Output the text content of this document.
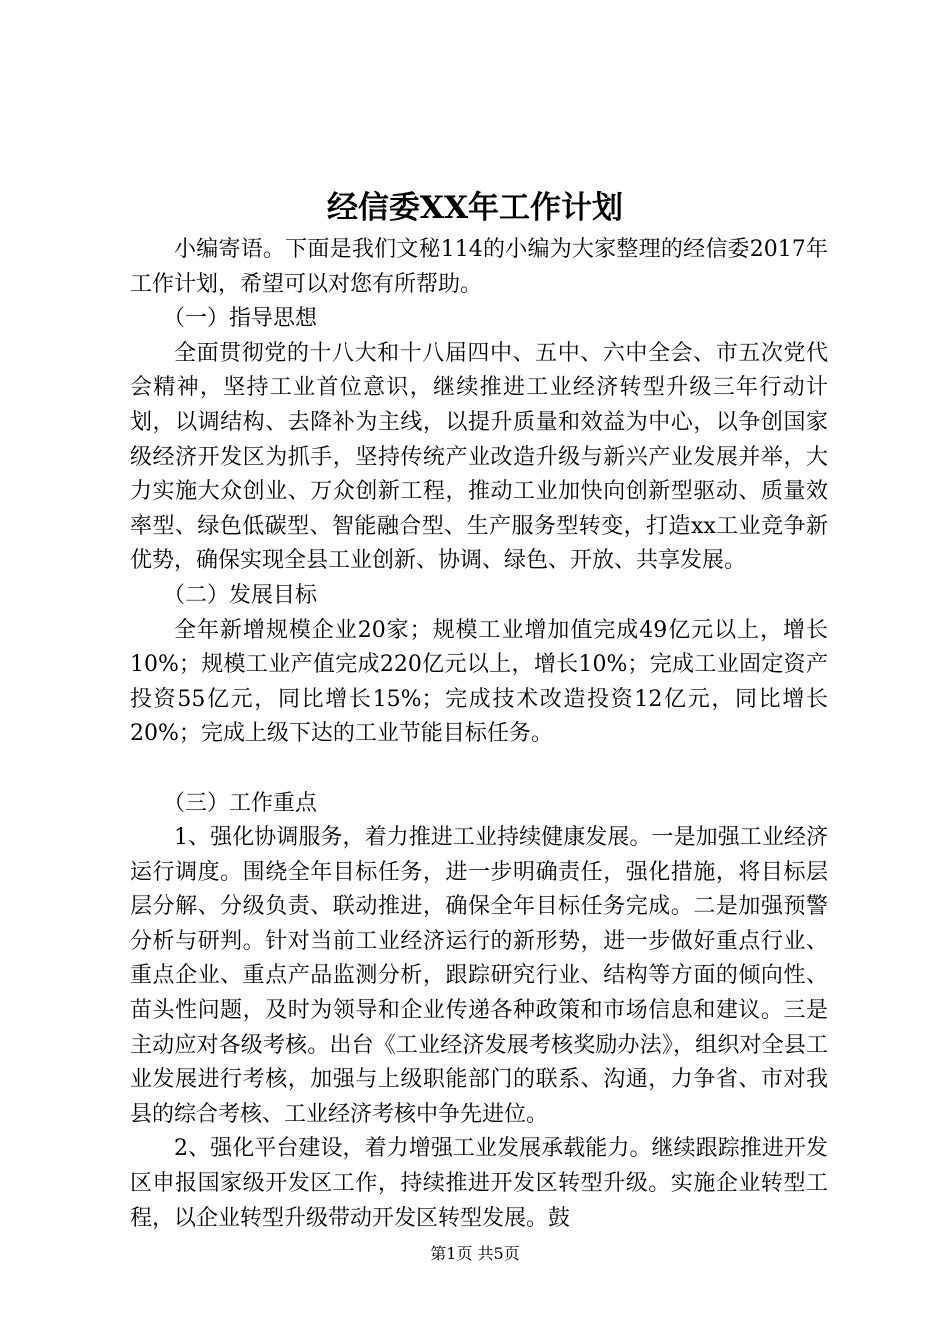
经信委XX年工作计划

小编寄语。下面是我们文秘114的小编为大家整理的经信委2017年工作计划，希望可以对您有所帮助。

（一）指导思想

全面贯彻党的十八大和十八届四中、五中、六中全会、市五次党代会精神，坚持工业首位意识，继续推进工业经济转型升级三年行动计划，以调结构、去降补为主线，以提升质量和效益为中心，以争创国家级经济开发区为抓手，坚持传统产业改造升级与新兴产业发展并举，大力实施大众创业、万众创新工程，推动工业加快向创新型驱动、质量效率型、绿色低碳型、智能融合型、生产服务型转变，打造xx工业竞争新优势，确保实现全县工业创新、协调、绿色、开放、共享发展。

（二）发展目标

全年新增规模企业20家；规模工业增加值完成49亿元以上，增长10%；规模工业产值完成220亿元以上，增长10%；完成工业固定资产投资55亿元，同比增长15%；完成技术改造投资12亿元，同比增长20%；完成上级下达的工业节能目标任务。

（三）工作重点

1、强化协调服务，着力推进工业持续健康发展。一是加强工业经济运行调度。围绕全年目标任务，进一步明确责任，强化措施，将目标层层分解、分级负责、联动推进，确保全年目标任务完成。二是加强预警分析与研判。针对当前工业经济运行的新形势，进一步做好重点行业、重点企业、重点产品监测分析，跟踪研究行业、结构等方面的倾向性、苗头性问题，及时为领导和企业传递各种政策和市场信息和建议。三是主动应对各级考核。出台《工业经济发展考核奖励办法》，组织对全县工业发展进行考核，加强与上级职能部门的联系、沟通，力争省、市对我县的综合考核、工业经济考核中争先进位。

2、强化平台建设，着力增强工业发展承载能力。继续跟踪推进开发区申报国家级开发区工作，持续推进开发区转型升级。实施企业转型工程，以企业转型升级带动开发区转型发展。鼓

第1页 共5页
